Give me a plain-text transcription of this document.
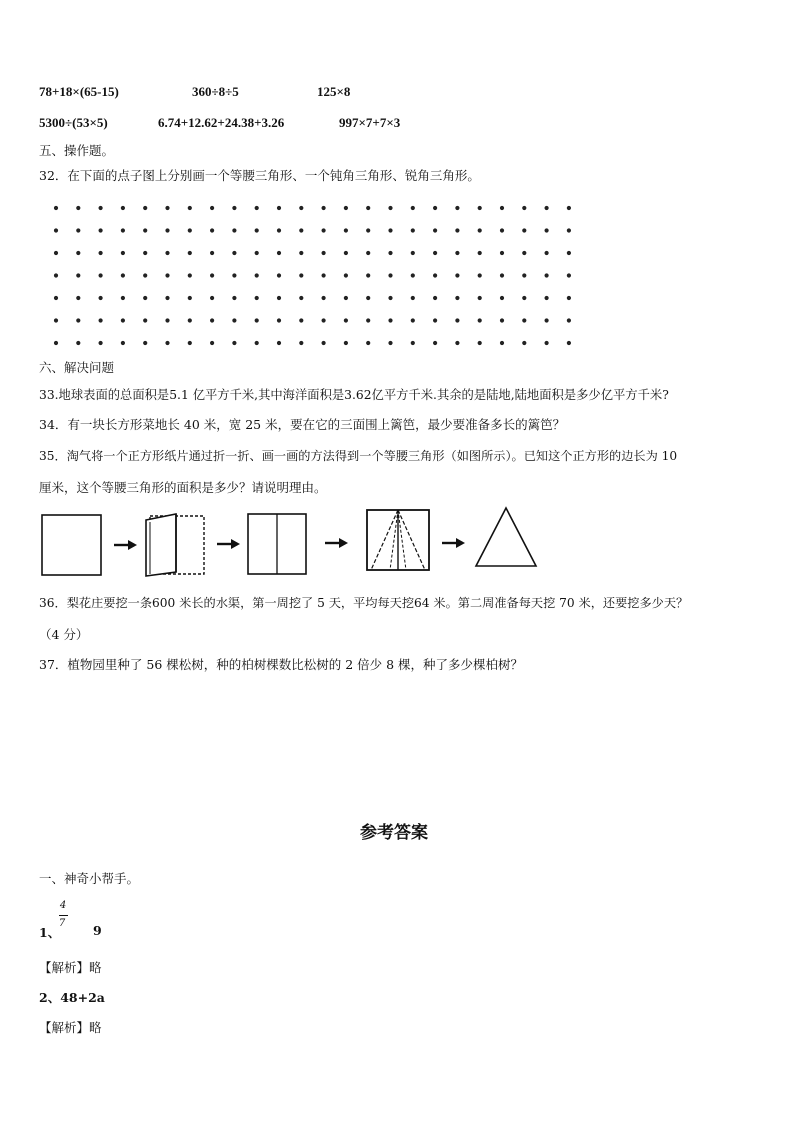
78+18×(65-15)	360÷8÷5	125×8
5300÷(53×5)	6.74+12.62+24.38+3.26	997×7+7×3
五、操作题。
32．在下面的点子图上分别画一个等腰三角形、一个钝角三角形、锐角三角形。
六、解决问题
33.地球表面的总面积是5.1 亿平方千米,其中海洋面积是3.62亿平方千米.其余的是陆地,陆地面积是多少亿平方千米?
34．有一块长方形菜地长 40 米，宽 25 米，要在它的三面围上篱笆，最少要准备多长的篱笆？
35．淘气将一个正方形纸片通过折一折、画一画的方法得到一个等腰三角形（如图所示）。已知这个正方形的边长为 10
厘米，这个等腰三角形的面积是多少？请说明理由。
36．梨花庄要挖一条600 米长的水渠，第一周挖了 5 天，平均每天挖64 米。第二周准备每天挖 70 米，还要挖多少天？
（4 分）
37．植物园里种了 56 棵松树，种的柏树棵数比松树的 2 倍少 8 棵，种了多少棵柏树？
参考答案
一、神奇小帮手。
1、
4
7	9
【解析】略
2、48+2a
【解析】略
